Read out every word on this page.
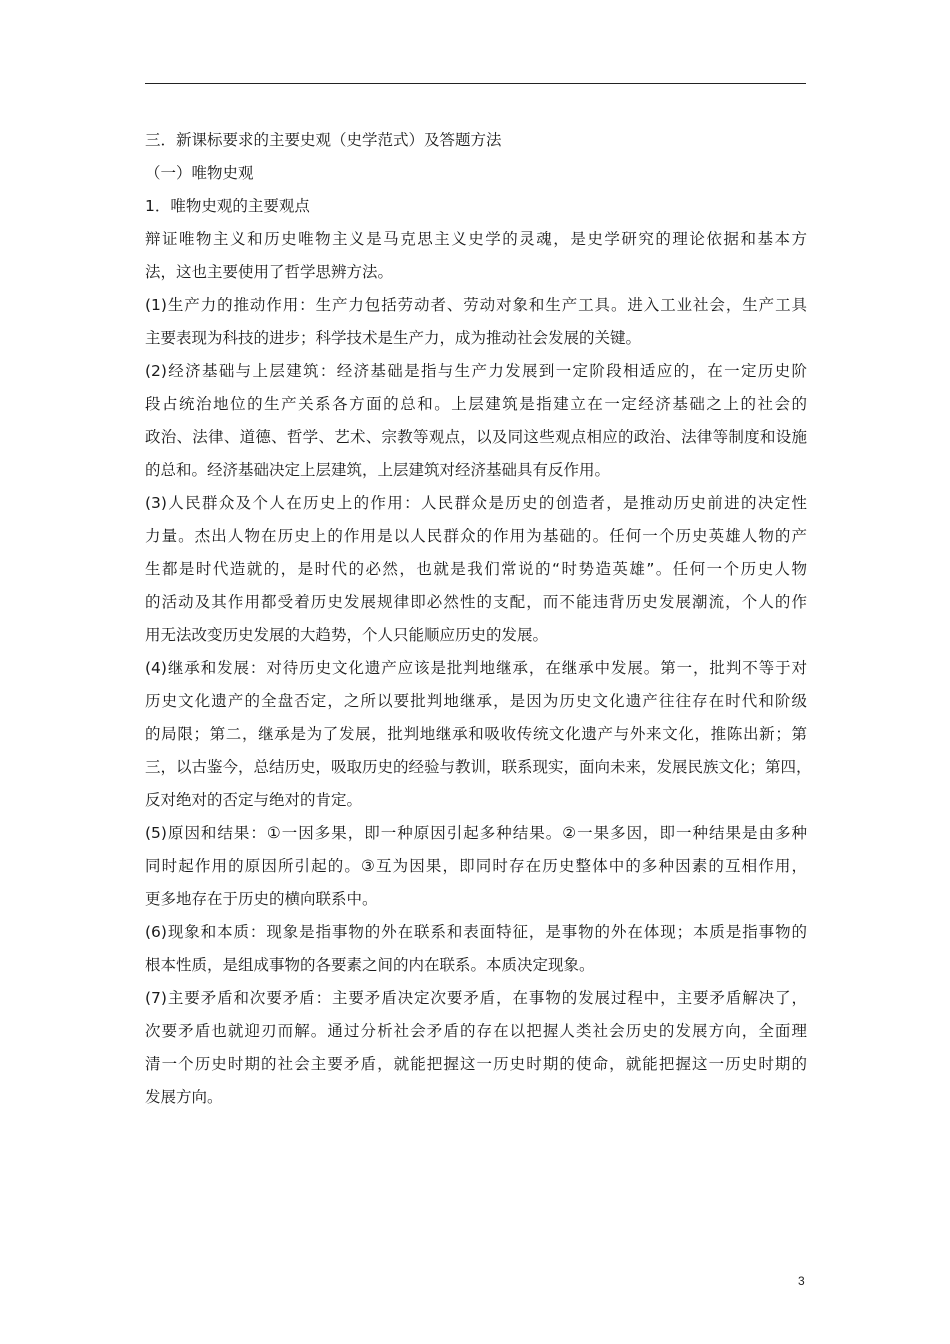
三．新课标要求的主要史观（史学范式）及答题方法
（一）唯物史观
1．唯物史观的主要观点
辩证唯物主义和历史唯物主义是马克思主义史学的灵魂，是史学研究的理论依据和基本方
法，这也主要使用了哲学思辨方法。
(1)生产力的推动作用：生产力包括劳动者、劳动对象和生产工具。进入工业社会，生产工具
主要表现为科技的进步；科学技术是生产力，成为推动社会发展的关键。
(2)经济基础与上层建筑：经济基础是指与生产力发展到一定阶段相适应的，在一定历史阶
段占统治地位的生产关系各方面的总和。上层建筑是指建立在一定经济基础之上的社会的
政治、法律、道德、哲学、艺术、宗教等观点，以及同这些观点相应的政治、法律等制度和设施
的总和。经济基础决定上层建筑，上层建筑对经济基础具有反作用。
(3)人民群众及个人在历史上的作用：人民群众是历史的创造者，是推动历史前进的决定性
力量。杰出人物在历史上的作用是以人民群众的作用为基础的。任何一个历史英雄人物的产
生都是时代造就的，是时代的必然，也就是我们常说的“时势造英雄”。任何一个历史人物
的活动及其作用都受着历史发展规律即必然性的支配，而不能违背历史发展潮流，个人的作
用无法改变历史发展的大趋势，个人只能顺应历史的发展。
(4)继承和发展：对待历史文化遗产应该是批判地继承，在继承中发展。第一，批判不等于对
历史文化遗产的全盘否定，之所以要批判地继承，是因为历史文化遗产往往存在时代和阶级
的局限；第二，继承是为了发展，批判地继承和吸收传统文化遗产与外来文化，推陈出新；第
三，以古鉴今，总结历史，吸取历史的经验与教训，联系现实，面向未来，发展民族文化；第四，
反对绝对的否定与绝对的肯定。
(5)原因和结果：①一因多果，即一种原因引起多种结果。②一果多因，即一种结果是由多种
同时起作用的原因所引起的。③互为因果，即同时存在历史整体中的多种因素的互相作用，
更多地存在于历史的横向联系中。
(6)现象和本质：现象是指事物的外在联系和表面特征，是事物的外在体现；本质是指事物的
根本性质，是组成事物的各要素之间的内在联系。本质决定现象。
(7)主要矛盾和次要矛盾：主要矛盾决定次要矛盾，在事物的发展过程中，主要矛盾解决了，
次要矛盾也就迎刃而解。通过分析社会矛盾的存在以把握人类社会历史的发展方向，全面理
清一个历史时期的社会主要矛盾，就能把握这一历史时期的使命，就能把握这一历史时期的
发展方向。
3
